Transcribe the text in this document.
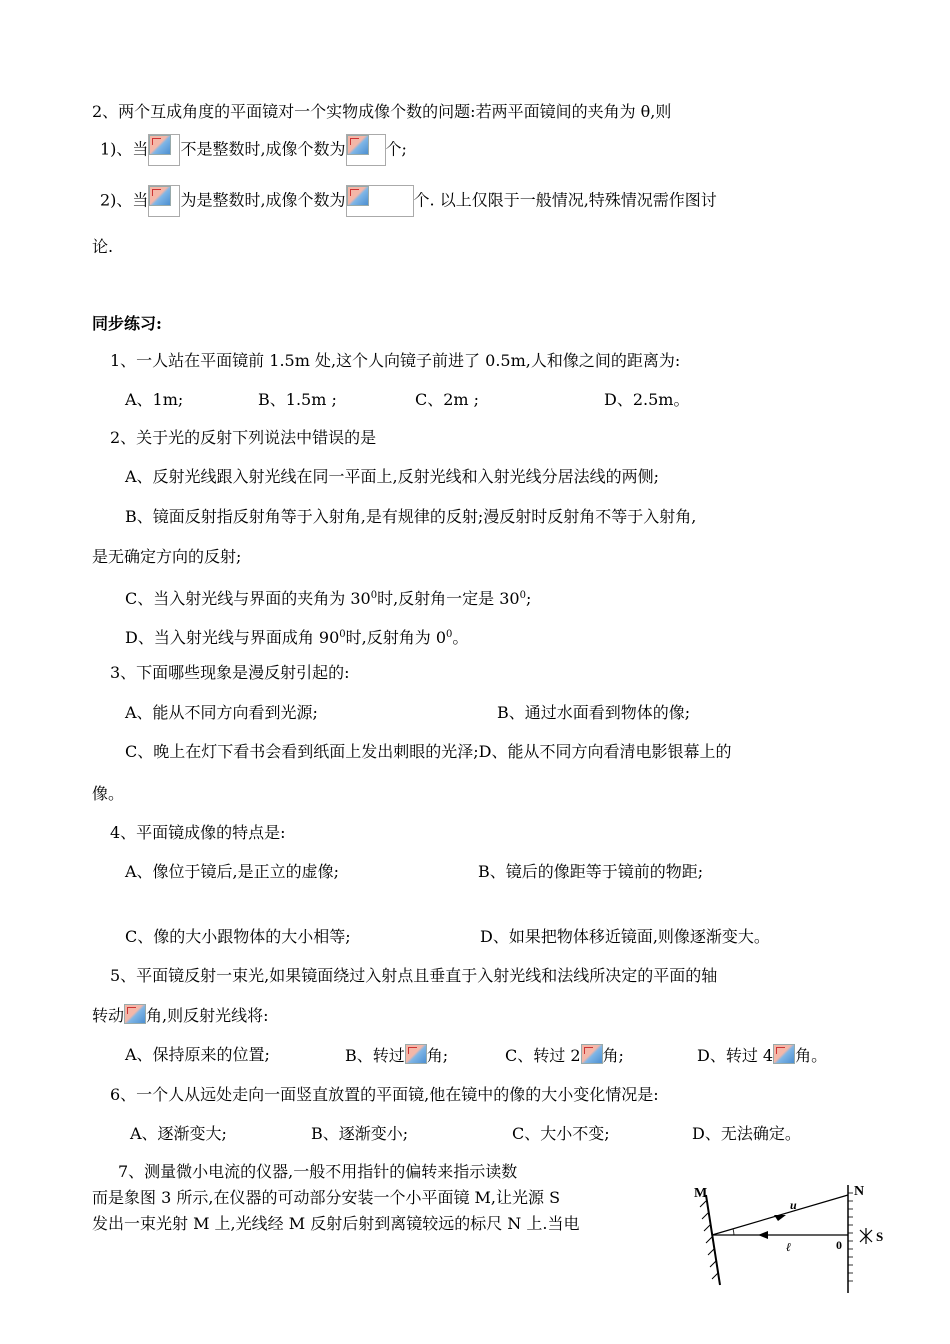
2、两个互成角度的平面镜对一个实物成像个数的问题:若两平面镜间的夹角为 θ,则
1)、当 不是整数时,成像个数为	个;
2)、当 为是整数时,成像个数为	个. 以上仅限于一般情况,特殊情况需作图讨
论.
同步练习:
1、一人站在平面镜前 1.5m 处,这个人向镜子前进了 0.5m,人和像之间的距离为:
A、1m;	B、1.5m ;	C、2m ;	D、2.5m。
2、关于光的反射下列说法中错误的是
A、反射光线跟入射光线在同一平面上,反射光线和入射光线分居法线的两侧;
B、镜面反射指反射角等于入射角,是有规律的反射;漫反射时反射角不等于入射角,
是无确定方向的反射;
C、当入射光线与界面的夹角为 $30^0$时,反射角一定是 $30^0$;
D、当入射光线与界面成角 $90^0$时,反射角为 $0^0$。
3、下面哪些现象是漫反射引起的:
A、能从不同方向看到光源;	B、通过水面看到物体的像;
C、晚上在灯下看书会看到纸面上发出刺眼的光泽;D、能从不同方向看清电影银幕上的
像。
4、平面镜成像的特点是:
A、像位于镜后,是正立的虚像;	B、镜后的像距等于镜前的物距;
C、像的大小跟物体的大小相等;	D、如果把物体移近镜面,则像逐渐变大。
5、平面镜反射一束光,如果镜面绕过入射点且垂直于入射光线和法线所决定的平面的轴
转动 角,则反射光线将:
A、保持原来的位置;	B、转过 角;	C、转过 2 角;	D、转过 4 角。
6、一个人从远处走向一面竖直放置的平面镜,他在镜中的像的大小变化情况是:
A、逐渐变大;	B、逐渐变小;	C、大小不变;	D、无法确定。
7、测量微小电流的仪器,一般不用指针的偏转来指示读数
而是象图 3 所示,在仪器的可动部分安装一个小平面镜 M,让光源 S
发出一束光射 M 上,光线经 M 反射后射到离镜较远的标尺 N 上.当电
M	N
S
u
ℓ	0
